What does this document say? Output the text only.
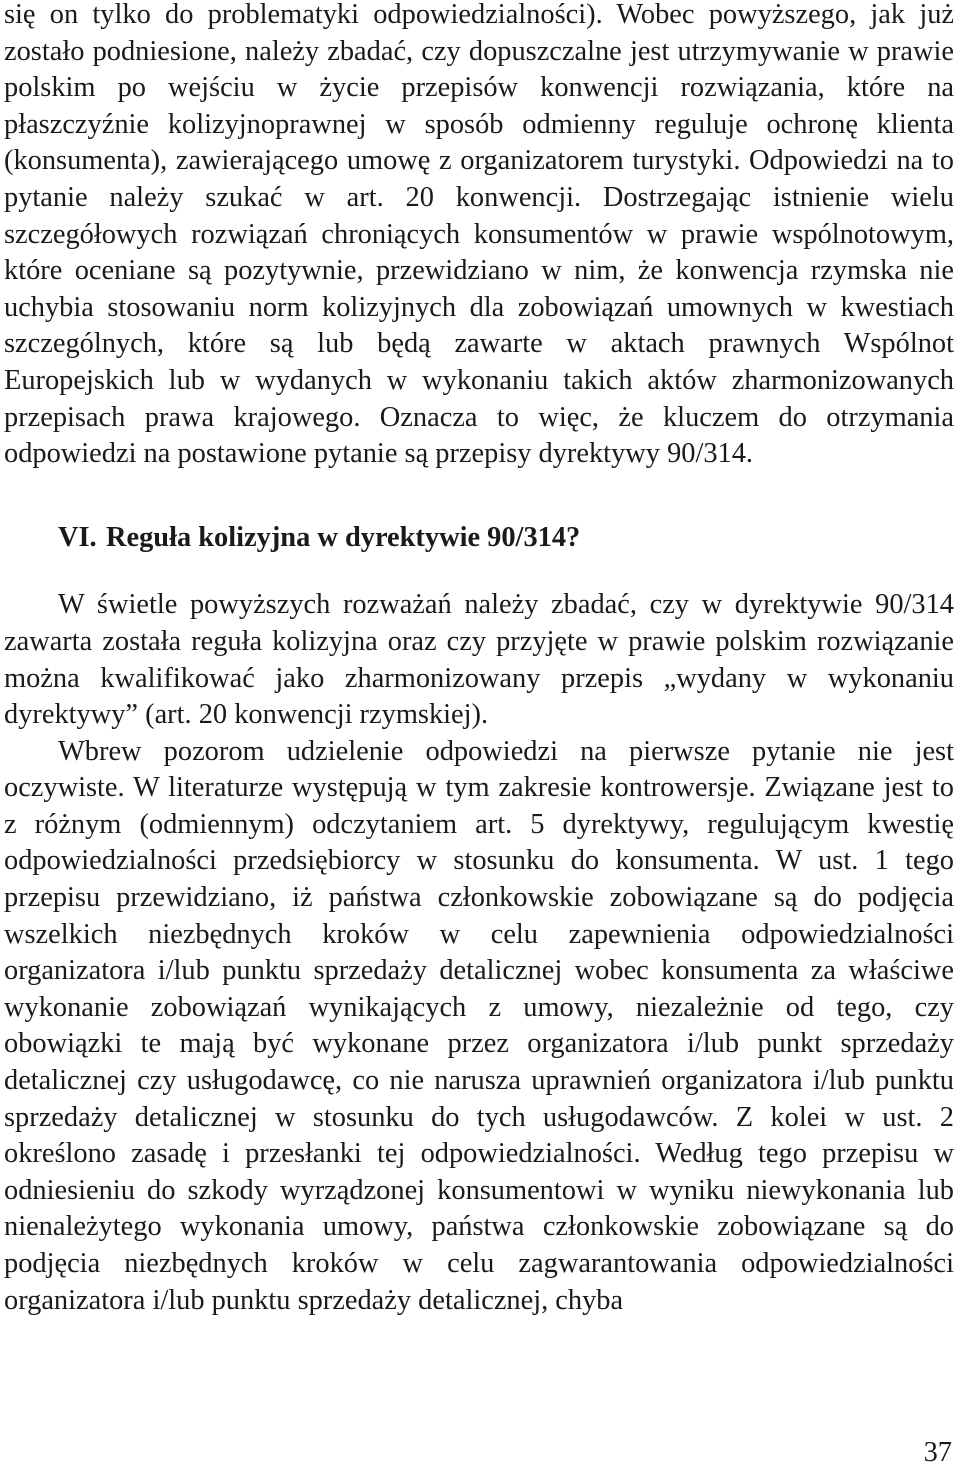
się on tylko do problematyki odpowiedzialności). Wobec powyższego, jak już zostało podniesione, należy zbadać, czy dopuszczalne jest utrzymywanie w prawie polskim po wejściu w życie przepisów konwencji rozwiązania, które na płaszczyźnie kolizyjnoprawnej w sposób odmienny reguluje ochronę klienta (konsumenta), zawierającego umowę z organizatorem turystyki. Odpowiedzi na to pytanie należy szukać w art. 20 konwencji. Dostrzegając istnienie wielu szczegółowych rozwiązań chroniących konsumentów w prawie wspólnotowym, które oceniane są pozytywnie, przewidziano w nim, że konwencja rzymska nie uchybia stosowaniu norm kolizyjnych dla zobowiązań umownych w kwestiach szczególnych, które są lub będą zawarte w aktach prawnych Wspólnot Europejskich lub w wydanych w wykonaniu takich aktów zharmonizowanych przepisach prawa krajowego. Oznacza to więc, że kluczem do otrzymania odpowiedzi na postawione pytanie są przepisy dyrektywy 90/314.

VI. Reguła kolizyjna w dyrektywie 90/314?

W świetle powyższych rozważań należy zbadać, czy w dyrektywie 90/314 zawarta została reguła kolizyjna oraz czy przyjęte w prawie polskim rozwiązanie można kwalifikować jako zharmonizowany przepis „wydany w wykonaniu dyrektywy” (art. 20 konwencji rzymskiej).

Wbrew pozorom udzielenie odpowiedzi na pierwsze pytanie nie jest oczywiste. W literaturze występują w tym zakresie kontrowersje. Związane jest to z różnym (odmiennym) odczytaniem art. 5 dyrektywy, regulującym kwestię odpowiedzialności przedsiębiorcy w stosunku do konsumenta. W ust. 1 tego przepisu przewidziano, iż państwa członkowskie zobowiązane są do podjęcia wszelkich niezbędnych kroków w celu zapewnienia odpowiedzialności organizatora i/lub punktu sprzedaży detalicznej wobec konsumenta za właściwe wykonanie zobowiązań wynikających z umowy, niezależnie od tego, czy obowiązki te mają być wykonane przez organizatora i/lub punkt sprzedaży detalicznej czy usługodawcę, co nie narusza uprawnień organizatora i/lub punktu sprzedaży detalicznej w stosunku do tych usługodawców. Z kolei w ust. 2 określono zasadę i przesłanki tej odpowiedzialności. Według tego przepisu w odniesieniu do szkody wyrządzonej konsumentowi w wyniku niewykonania lub nienależytego wykonania umowy, państwa członkowskie zobowiązane są do podjęcia niezbędnych kroków w celu zagwarantowania odpowiedzialności organizatora i/lub punktu sprzedaży detalicznej, chyba

37
